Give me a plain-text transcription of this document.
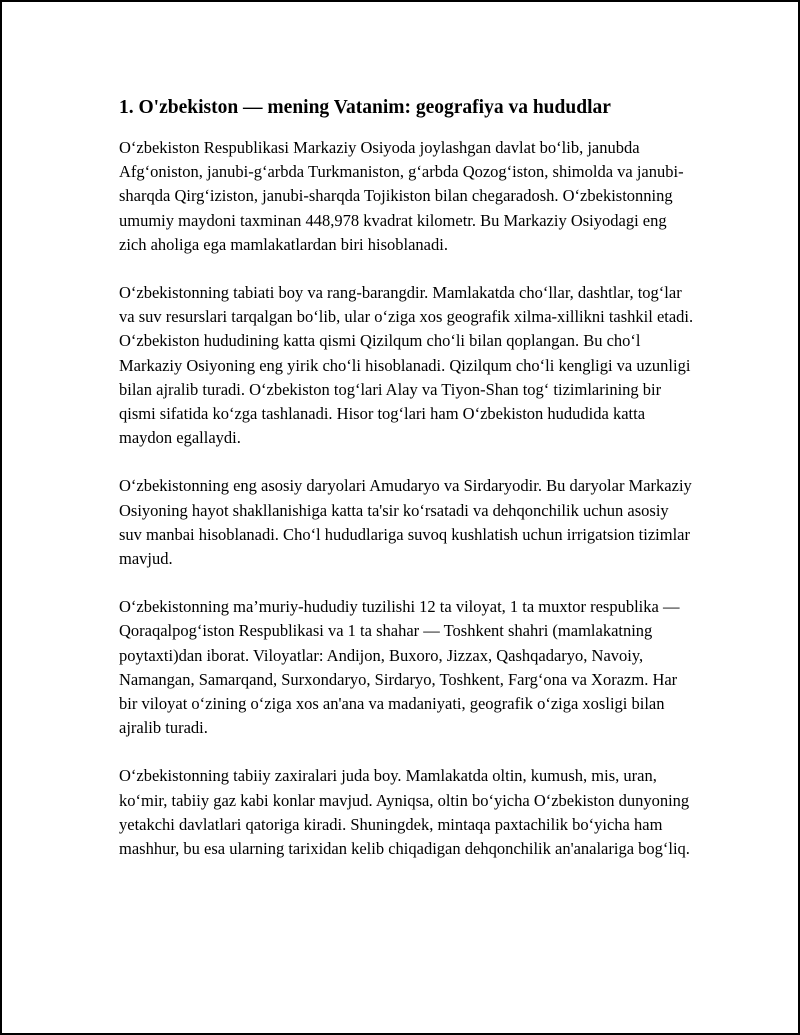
1. O'zbekiston — mening Vatanim: geografiya va hududlar

O‘zbekiston Respublikasi Markaziy Osiyoda joylashgan davlat bo‘lib, janubda Afg‘oniston, janubi-g‘arbda Turkmaniston, g‘arbda Qozog‘iston, shimolda va janubi-sharqda Qirg‘iziston, janubi-sharqda Tojikiston bilan chegaradosh. O‘zbekistonning umumiy maydoni taxminan 448,978 kvadrat kilometr. Bu Markaziy Osiyodagi eng zich aholiga ega mamlakatlardan biri hisoblanadi.

O‘zbekistonning tabiati boy va rang-barangdir. Mamlakatda cho‘llar, dashtlar, tog‘lar va suv resurslari tarqalgan bo‘lib, ular o‘ziga xos geografik xilma-xillikni tashkil etadi. O‘zbekiston hududining katta qismi Qizilqum cho‘li bilan qoplangan. Bu cho‘l Markaziy Osiyoning eng yirik cho‘li hisoblanadi. Qizilqum cho‘li kengligi va uzunligi bilan ajralib turadi. O‘zbekiston tog‘lari Alay va Tiyon-Shan tog‘ tizimlarining bir qismi sifatida ko‘zga tashlanadi. Hisor tog‘lari ham O‘zbekiston hududida katta maydon egallaydi.

O‘zbekistonning eng asosiy daryolari Amudaryo va Sirdaryodir. Bu daryolar Markaziy Osiyoning hayot shakllanishiga katta ta'sir ko‘rsatadi va dehqonchilik uchun asosiy suv manbai hisoblanadi. Cho‘l hududlariga suvoq kushlatish uchun irrigatsion tizimlar mavjud.

O‘zbekistonning ma’muriy-hududiy tuzilishi 12 ta viloyat, 1 ta muxtor respublika — Qoraqalpog‘iston Respublikasi va 1 ta shahar — Toshkent shahri (mamlakatning poytaxti)dan iborat. Viloyatlar: Andijon, Buxoro, Jizzax, Qashqadaryo, Navoiy, Namangan, Samarqand, Surxondaryo, Sirdaryo, Toshkent, Farg‘ona va Xorazm. Har bir viloyat o‘zining o‘ziga xos an'ana va madaniyati, geografik o‘ziga xosligi bilan ajralib turadi.

O‘zbekistonning tabiiy zaxiralari juda boy. Mamlakatda oltin, kumush, mis, uran, ko‘mir, tabiiy gaz kabi konlar mavjud. Ayniqsa, oltin bo‘yicha O‘zbekiston dunyoning yetakchi davlatlari qatoriga kiradi. Shuningdek, mintaqa paxtachilik bo‘yicha ham mashhur, bu esa ularning tarixidan kelib chiqadigan dehqonchilik an'analariga bog‘liq.
